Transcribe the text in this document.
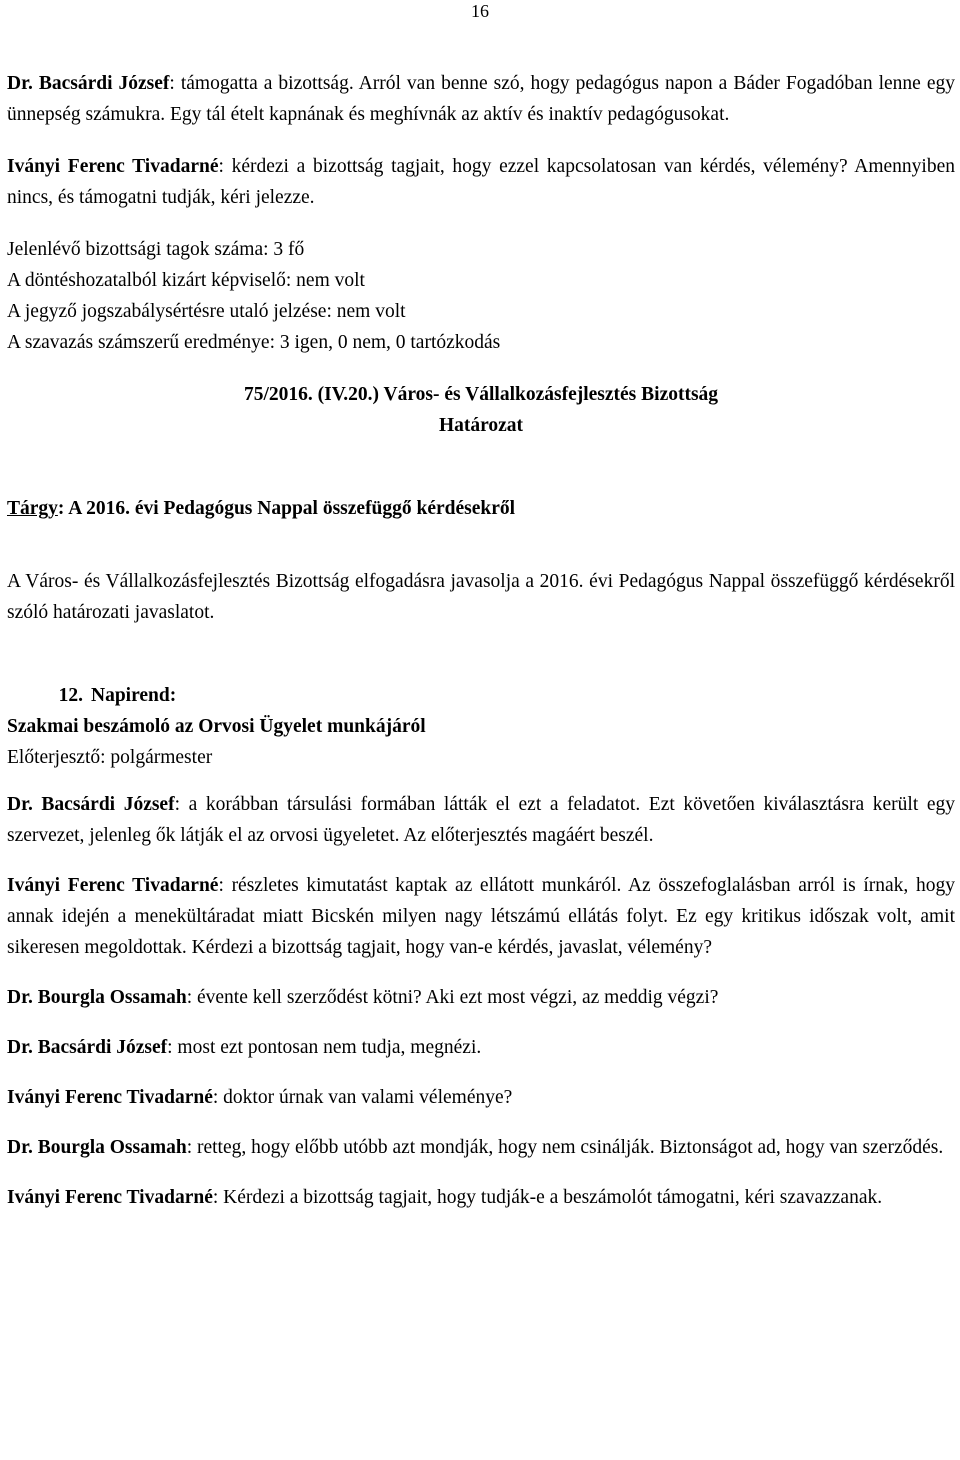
16

Dr. Bacsárdi József: támogatta a bizottság. Arról van benne szó, hogy pedagógus napon a Báder Fogadóban lenne egy ünnepség számukra. Egy tál ételt kapnának és meghívnák az aktív és inaktív pedagógusokat.

Iványi Ferenc Tivadarné: kérdezi a bizottság tagjait, hogy ezzel kapcsolatosan van kérdés, vélemény? Amennyiben nincs, és támogatni tudják, kéri jelezze.

Jelenlévő bizottsági tagok száma: 3 fő

A döntéshozatalból kizárt képviselő: nem volt

A jegyző jogszabálysértésre utaló jelzése: nem volt

A szavazás számszerű eredménye: 3 igen, 0 nem, 0 tartózkodás

75/2016. (IV.20.) Város- és Vállalkozásfejlesztés Bizottság

Határozat

Tárgy: A 2016. évi Pedagógus Nappal összefüggő kérdésekről

A Város- és Vállalkozásfejlesztés Bizottság elfogadásra javasolja a 2016. évi Pedagógus Nappal összefüggő kérdésekről szóló határozati javaslatot.

12. Napirend:

Szakmai beszámoló az Orvosi Ügyelet munkájáról

Előterjesztő: polgármester

Dr. Bacsárdi József: a korábban társulási formában látták el ezt a feladatot. Ezt követően kiválasztásra került egy szervezet, jelenleg ők látják el az orvosi ügyeletet. Az előterjesztés magáért beszél.

Iványi Ferenc Tivadarné: részletes kimutatást kaptak az ellátott munkáról. Az összefoglalásban arról is írnak, hogy annak idején a menekültáradat miatt Bicskén milyen nagy létszámú ellátás folyt. Ez egy kritikus időszak volt, amit sikeresen megoldottak. Kérdezi a bizottság tagjait, hogy van-e kérdés, javaslat, vélemény?

Dr. Bourgla Ossamah: évente kell szerződést kötni? Aki ezt most végzi, az meddig végzi?

Dr. Bacsárdi József: most ezt pontosan nem tudja, megnézi.

Iványi Ferenc Tivadarné: doktor úrnak van valami véleménye?

Dr. Bourgla Ossamah: retteg, hogy előbb utóbb azt mondják, hogy nem csinálják. Biztonságot ad, hogy van szerződés.

Iványi Ferenc Tivadarné: Kérdezi a bizottság tagjait, hogy tudják-e a beszámolót támogatni, kéri szavazzanak.
